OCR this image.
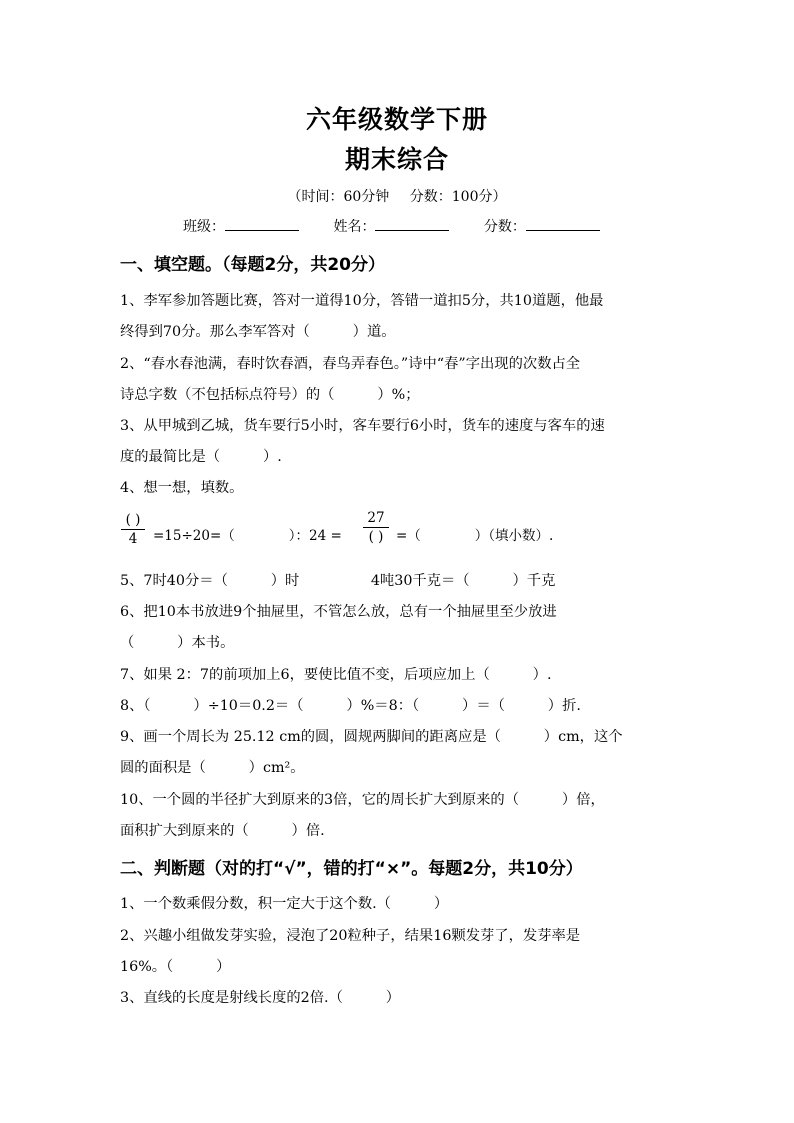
六年级数学下册
期末综合
（时间：60分钟 分数：100分）
班级：	姓名：	分数：
一、填空题。（每题2分，共20分）
1、李军参加答题比赛，答对一道得10分，答错一道扣5分，共10道题，他最
终得到70分。那么李军答对（　　　）道。
2、“春水春池满，春时饮春酒，春鸟弄春色。”诗中“春”字出现的次数占全
诗总字数（不包括标点符号）的（　　　）%；
3、从甲城到乙城，货车要行5小时，客车要行6小时，货车的速度与客车的速
度的最简比是（　　　）.
4、想一想，填数。
( )
4	=15÷20=（　　　　）：24 =
27
( ) =（　　　　）（填小数）.
5、7时40分＝（　　　）时　　　　　4吨30千克＝（　　　）千克
6、把10本书放进9个抽屉里，不管怎么放，总有一个抽屉里至少放进
（　　　）本书。
7、如果 2：7的前项加上6，要使比值不变，后项应加上（　　　）.
8、（　　　）÷10＝0.2＝（　　　）%＝8：（　　　）＝（　　　）折.
9、画一个周长为 25.12 cm的圆，圆规两脚间的距离应是（　　　）cm，这个
圆的面积是（　　　）cm²。
10、一个圆的半径扩大到原来的3倍，它的周长扩大到原来的（　　　）倍，
面积扩大到原来的（　　　）倍.
二、判断题（对的打“√”，错的打“×”。每题2分，共10分）
1、一个数乘假分数，积一定大于这个数.（　　　）
2、兴趣小组做发芽实验，浸泡了20粒种子，结果16颗发芽了，发芽率是
16%。（　　　）
3、直线的长度是射线长度的2倍.（　　　）
